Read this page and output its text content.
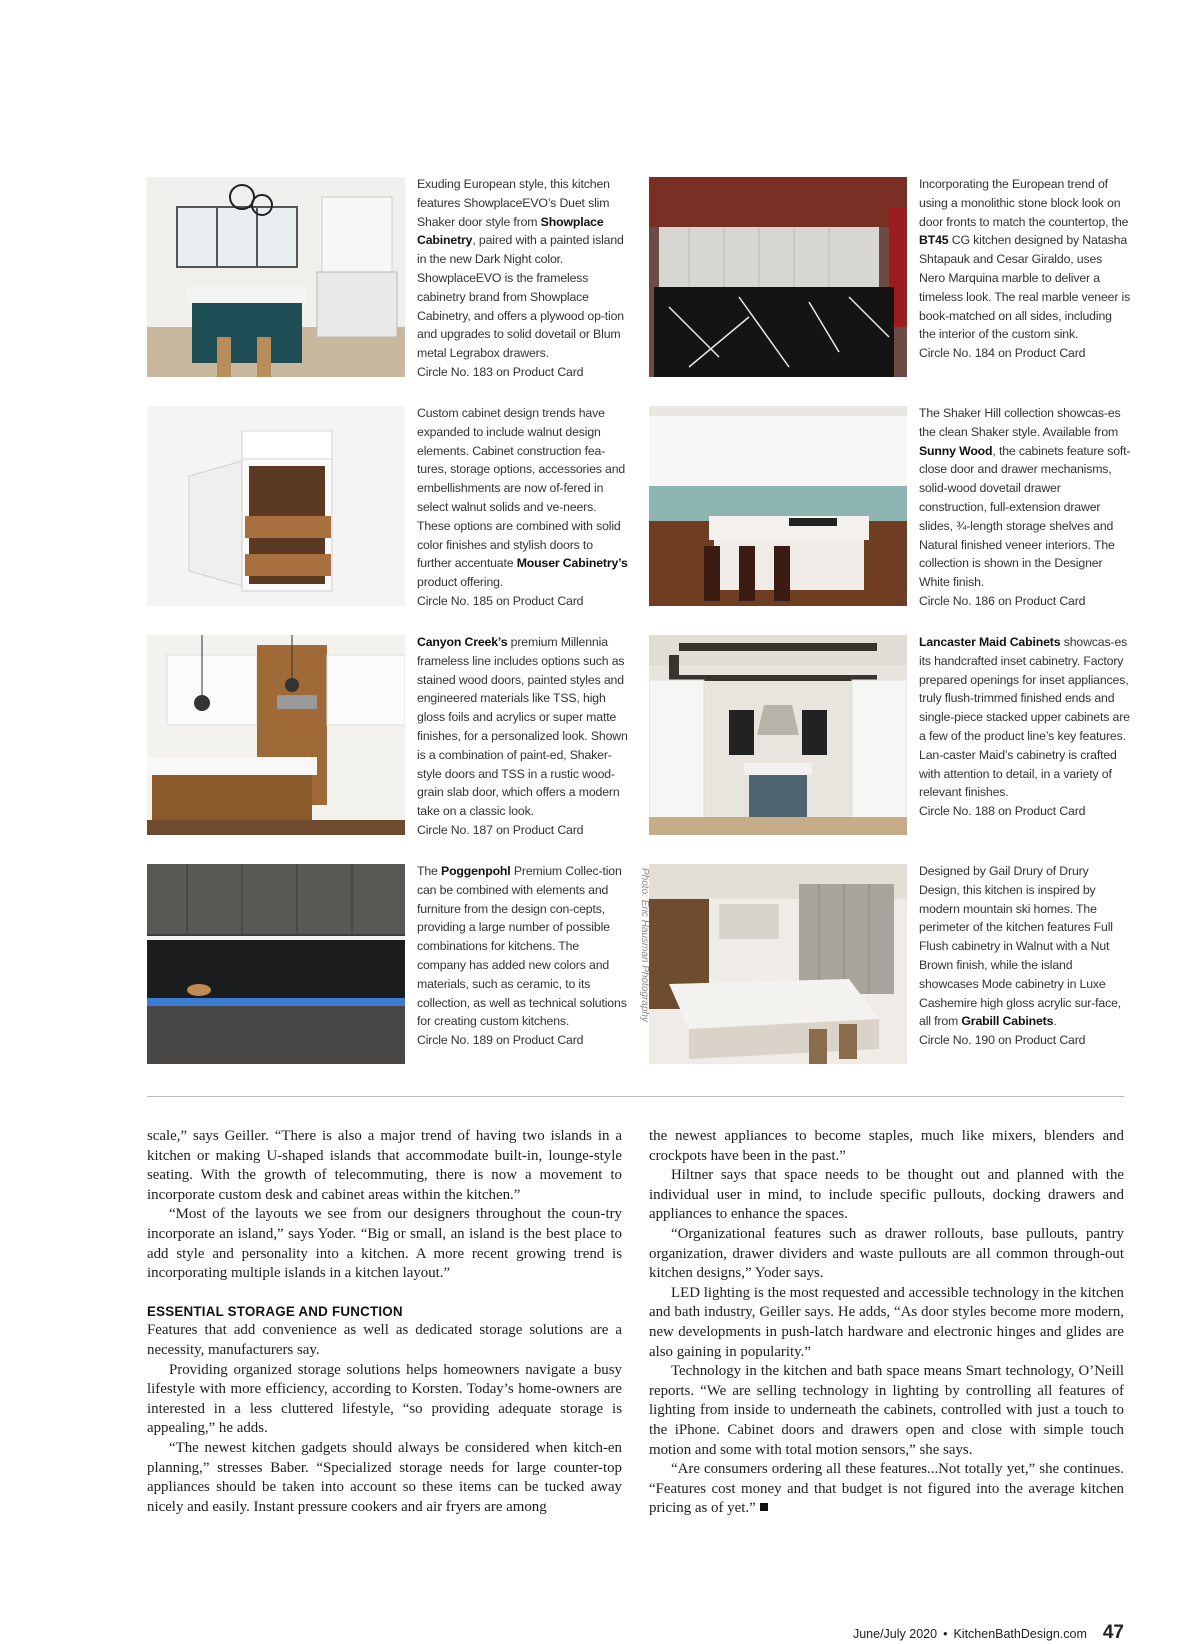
Exuding European style, this kitchen features ShowplaceEVO’s Duet slim Shaker door style from Showplace Cabinetry, paired with a painted island in the new Dark Night color. ShowplaceEVO is the frameless cabinetry brand from Showplace Cabinetry, and offers a plywood op-tion and upgrades to solid dovetail or Blum metal Legrabox drawers.

Circle No. 183 on Product Card

Incorporating the European trend of using a monolithic stone block look on door fronts to match the countertop, the BT45 CG kitchen designed by Natasha Shtapauk and Cesar Giraldo, uses Nero Marquina marble to deliver a timeless look. The real marble veneer is book-matched on all sides, including the interior of the custom sink.

Circle No. 184 on Product Card

Custom cabinet design trends have expanded to include walnut design elements. Cabinet construction fea-tures, storage options, accessories and embellishments are now of-fered in select walnut solids and ve-neers. These options are combined with solid color finishes and stylish doors to further accentuate Mouser Cabinetry’s product offering.

Circle No. 185 on Product Card

The Shaker Hill collection showcas-es the clean Shaker style. Available from Sunny Wood, the cabinets feature soft-close door and drawer mechanisms, solid-wood dovetail drawer construction, full-extension drawer slides, ¾-length storage shelves and Natural finished veneer interiors. The collection is shown in the Designer White finish.

Circle No. 186 on Product Card

Canyon Creek’s premium Millennia frameless line includes options such as stained wood doors, painted styles and engineered materials like TSS, high gloss foils and acrylics or super matte finishes, for a personalized look. Shown is a combination of paint-ed, Shaker-style doors and TSS in a rustic wood-grain slab door, which offers a modern take on a classic look.

Circle No. 187 on Product Card

Lancaster Maid Cabinets showcas-es its handcrafted inset cabinetry. Factory prepared openings for inset appliances, truly flush-trimmed finished ends and single-piece stacked upper cabinets are a few of the product line’s key features. Lan-caster Maid’s cabinetry is crafted with attention to detail, in a variety of relevant finishes.

Circle No. 188 on Product Card

The Poggenpohl Premium Collec-tion can be combined with elements and furniture from the design con-cepts, providing a large number of possible combinations for kitchens. The company has added new colors and materials, such as ceramic, to its collection, as well as technical solutions for creating custom kitchens.

Circle No. 189 on Product Card

Designed by Gail Drury of Drury Design, this kitchen is inspired by modern mountain ski homes. The perimeter of the kitchen features Full Flush cabinetry in Walnut with a Nut Brown finish, while the island showcases Mode cabinetry in Luxe Cashemire high gloss acrylic sur-face, all from Grabill Cabinets.

Circle No. 190 on Product Card

Photo: Eric Hausman Photography

scale,” says Geiller. “There is also a major trend of having two islands in a kitchen or making U-shaped islands that accommodate built-in, lounge-style seating. With the growth of telecommuting, there is now a movement to incorporate custom desk and cabinet areas within the kitchen.”

“Most of the layouts we see from our designers throughout the coun-try incorporate an island,” says Yoder. “Big or small, an island is the best place to add style and personality into a kitchen. A more recent growing trend is incorporating multiple islands in a kitchen layout.”

ESSENTIAL STORAGE AND FUNCTION

Features that add convenience as well as dedicated storage solutions are a necessity, manufacturers say.

Providing organized storage solutions helps homeowners navigate a busy lifestyle with more efficiency, according to Korsten. Today’s home-owners are interested in a less cluttered lifestyle, “so providing adequate storage is appealing,” he adds.

“The newest kitchen gadgets should always be considered when kitch-en planning,” stresses Baber. “Specialized storage needs for large counter-top appliances should be taken into account so these items can be tucked away nicely and easily. Instant pressure cookers and air fryers are among

the newest appliances to become staples, much like mixers, blenders and crockpots have been in the past.”

Hiltner says that space needs to be thought out and planned with the individual user in mind, to include specific pullouts, docking drawers and appliances to enhance the spaces.

“Organizational features such as drawer rollouts, base pullouts, pantry organization, drawer dividers and waste pullouts are all common through-out kitchen designs,” Yoder says.

LED lighting is the most requested and accessible technology in the kitchen and bath industry, Geiller says. He adds, “As door styles become more modern, new developments in push-latch hardware and electronic hinges and glides are also gaining in popularity.”

Technology in the kitchen and bath space means Smart technology, O’Neill reports. “We are selling technology in lighting by controlling all features of lighting from inside to underneath the cabinets, controlled with just a touch to the iPhone. Cabinet doors and drawers open and close with simple touch motion and some with total motion sensors,” she says.

“Are consumers ordering all these features...Not totally yet,” she continues. “Features cost money and that budget is not figured into the average kitchen pricing as of yet.”

June/July 2020 • KitchenBathDesign.com 47
